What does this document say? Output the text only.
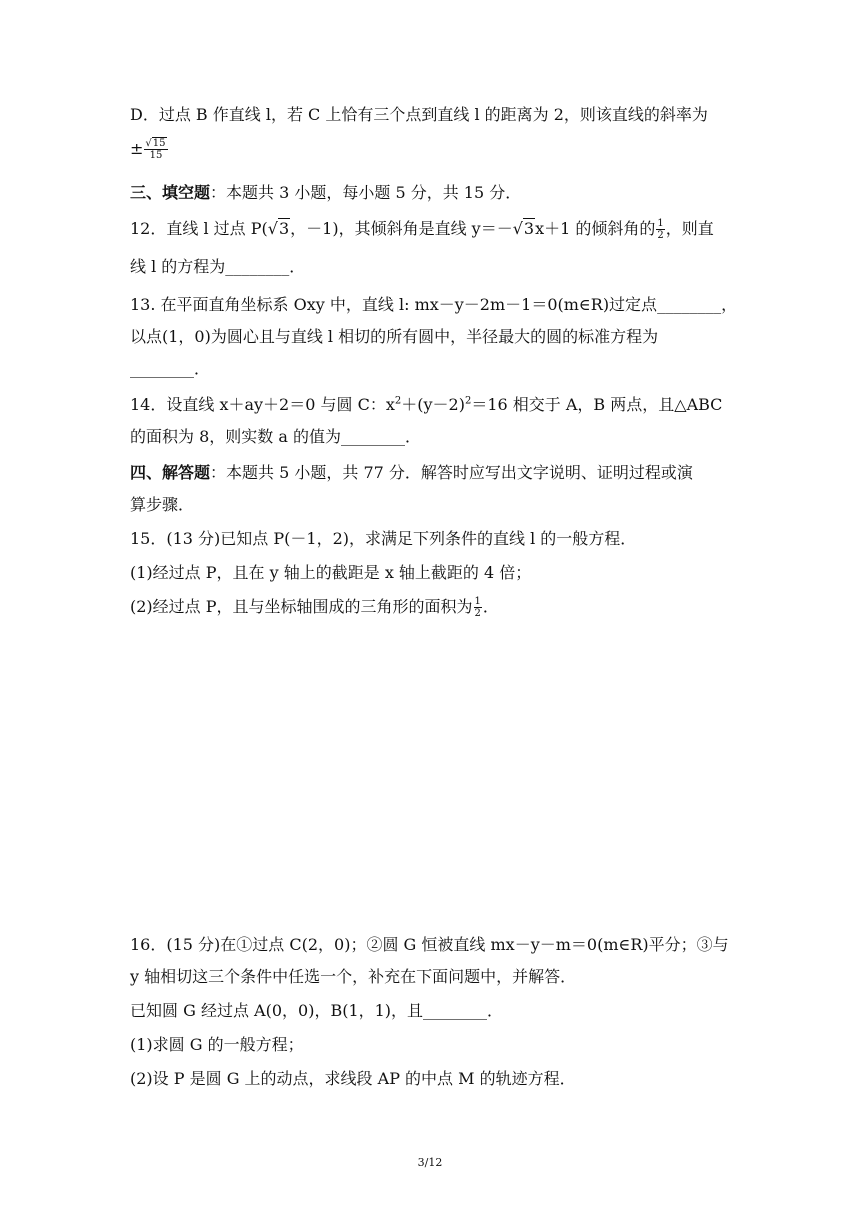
D．过点 B 作直线 l，若 C 上恰有三个点到直线 l 的距离为 2，则该直线的斜率为
± $\frac{√15}{15}$
三、填空题：本题共 3 小题，每小题 5 分，共 15 分．
12．直线 l 过点 P(√3，－1)，其倾斜角是直线 y＝－√3x＋1 的倾斜角的 $\frac{1}{2}$ ，则直
线 l 的方程为________．
13. 在平面直角坐标系 Oxy 中，直线 l: mx－y－2m－1＝0(m∈R)过定点________，
以点(1，0)为圆心且与直线 l 相切的所有圆中，半径最大的圆的标准方程为
________．
14．设直线 x＋ay＋2＝0 与圆 C：$x^2+(y-2)^2=16$ 相交于 A，B 两点，且△ABC
的面积为 8，则实数 a 的值为________．
四、解答题：本题共 5 小题，共 77 分．解答时应写出文字说明、证明过程或演
算步骤．
15．(13 分)已知点 P(－1，2)，求满足下列条件的直线 l 的一般方程．
(1)经过点 P，且在 y 轴上的截距是 x 轴上截距的 4 倍；
(2)经过点 P，且与坐标轴围成的三角形的面积为 $\frac{1}{2}$ ．
16．(15 分)在①过点 C(2，0)；②圆 G 恒被直线 mx－y－m＝0(m∈R)平分；③与
y 轴相切这三个条件中任选一个，补充在下面问题中，并解答．
已知圆 G 经过点 A(0，0)，B(1，1)，且________．
(1)求圆 G 的一般方程；
(2)设 P 是圆 G 上的动点，求线段 AP 的中点 M 的轨迹方程．
3/12
